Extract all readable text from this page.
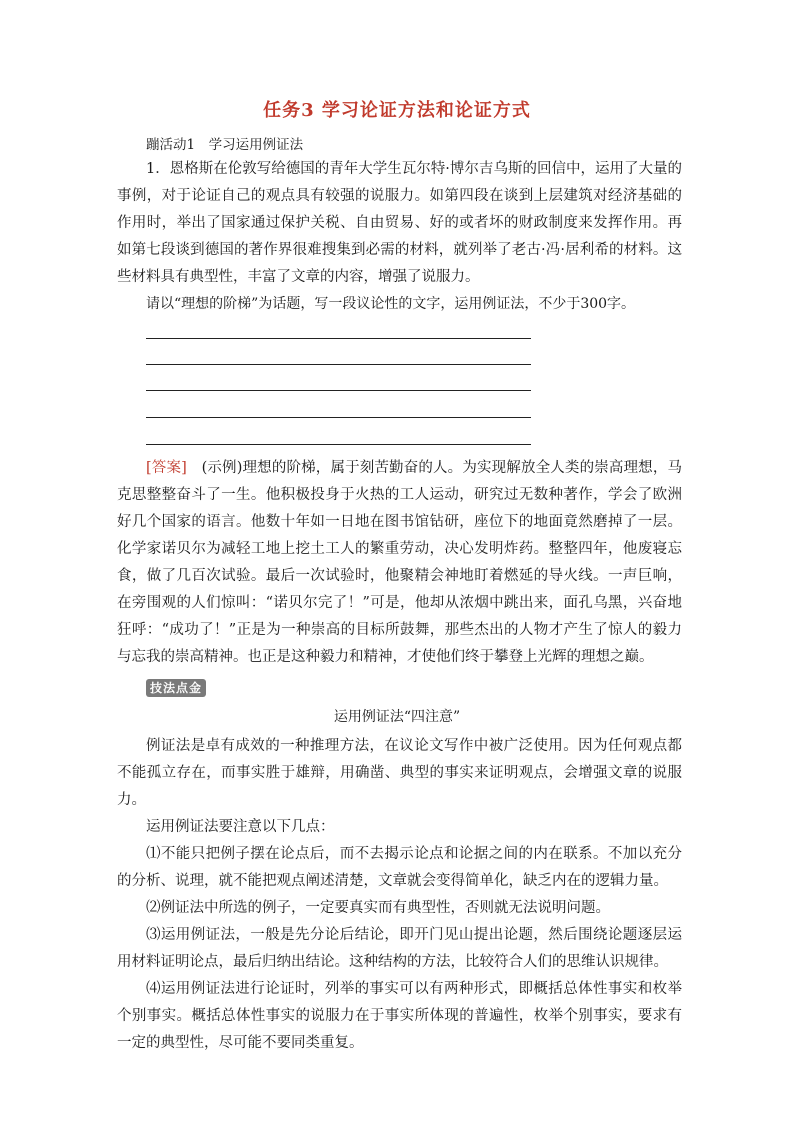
任务3 学习论证方法和论证方式
蹦活动1　学习运用例证法

1．恩格斯在伦敦写给德国的青年大学生瓦尔特·博尔吉乌斯的回信中，运用了大量的事例，对于论证自己的观点具有较强的说服力。如第四段在谈到上层建筑对经济基础的作用时，举出了国家通过保护关税、自由贸易、好的或者坏的财政制度来发挥作用。再如第七段谈到德国的著作界很难搜集到必需的材料，就列举了老古·冯·居利希的材料。这些材料具有典型性，丰富了文章的内容，增强了说服力。

请以“理想的阶梯”为话题，写一段议论性的文字，运用例证法，不少于300字。

[答案]　(示例)理想的阶梯，属于刻苦勤奋的人。为实现解放全人类的崇高理想，马克思整整奋斗了一生。他积极投身于火热的工人运动，研究过无数种著作，学会了欧洲好几个国家的语言。他数十年如一日地在图书馆钻研，座位下的地面竟然磨掉了一层。化学家诺贝尔为减轻工地上挖土工人的繁重劳动，决心发明炸药。整整四年，他废寝忘食，做了几百次试验。最后一次试验时，他聚精会神地盯着燃延的导火线。一声巨响，在旁围观的人们惊叫：“诺贝尔完了！”可是，他却从浓烟中跳出来，面孔乌黑，兴奋地狂呼：“成功了！”正是为一种崇高的目标所鼓舞，那些杰出的人物才产生了惊人的毅力与忘我的崇高精神。也正是这种毅力和精神，才使他们终于攀登上光辉的理想之巅。

技法点金
运用例证法“四注意”

例证法是卓有成效的一种推理方法，在议论文写作中被广泛使用。因为任何观点都不能孤立存在，而事实胜于雄辩，用确凿、典型的事实来证明观点，会增强文章的说服力。

运用例证法要注意以下几点：

⑴不能只把例子摆在论点后，而不去揭示论点和论据之间的内在联系。不加以充分的分析、说理，就不能把观点阐述清楚，文章就会变得简单化，缺乏内在的逻辑力量。

⑵例证法中所选的例子，一定要真实而有典型性，否则就无法说明问题。

⑶运用例证法，一般是先分论后结论，即开门见山提出论题，然后围绕论题逐层运用材料证明论点，最后归纳出结论。这种结构的方法，比较符合人们的思维认识规律。

⑷运用例证法进行论证时，列举的事实可以有两种形式，即概括总体性事实和枚举个别事实。概括总体性事实的说服力在于事实所体现的普遍性，枚举个别事实，要求有一定的典型性，尽可能不要同类重复。
